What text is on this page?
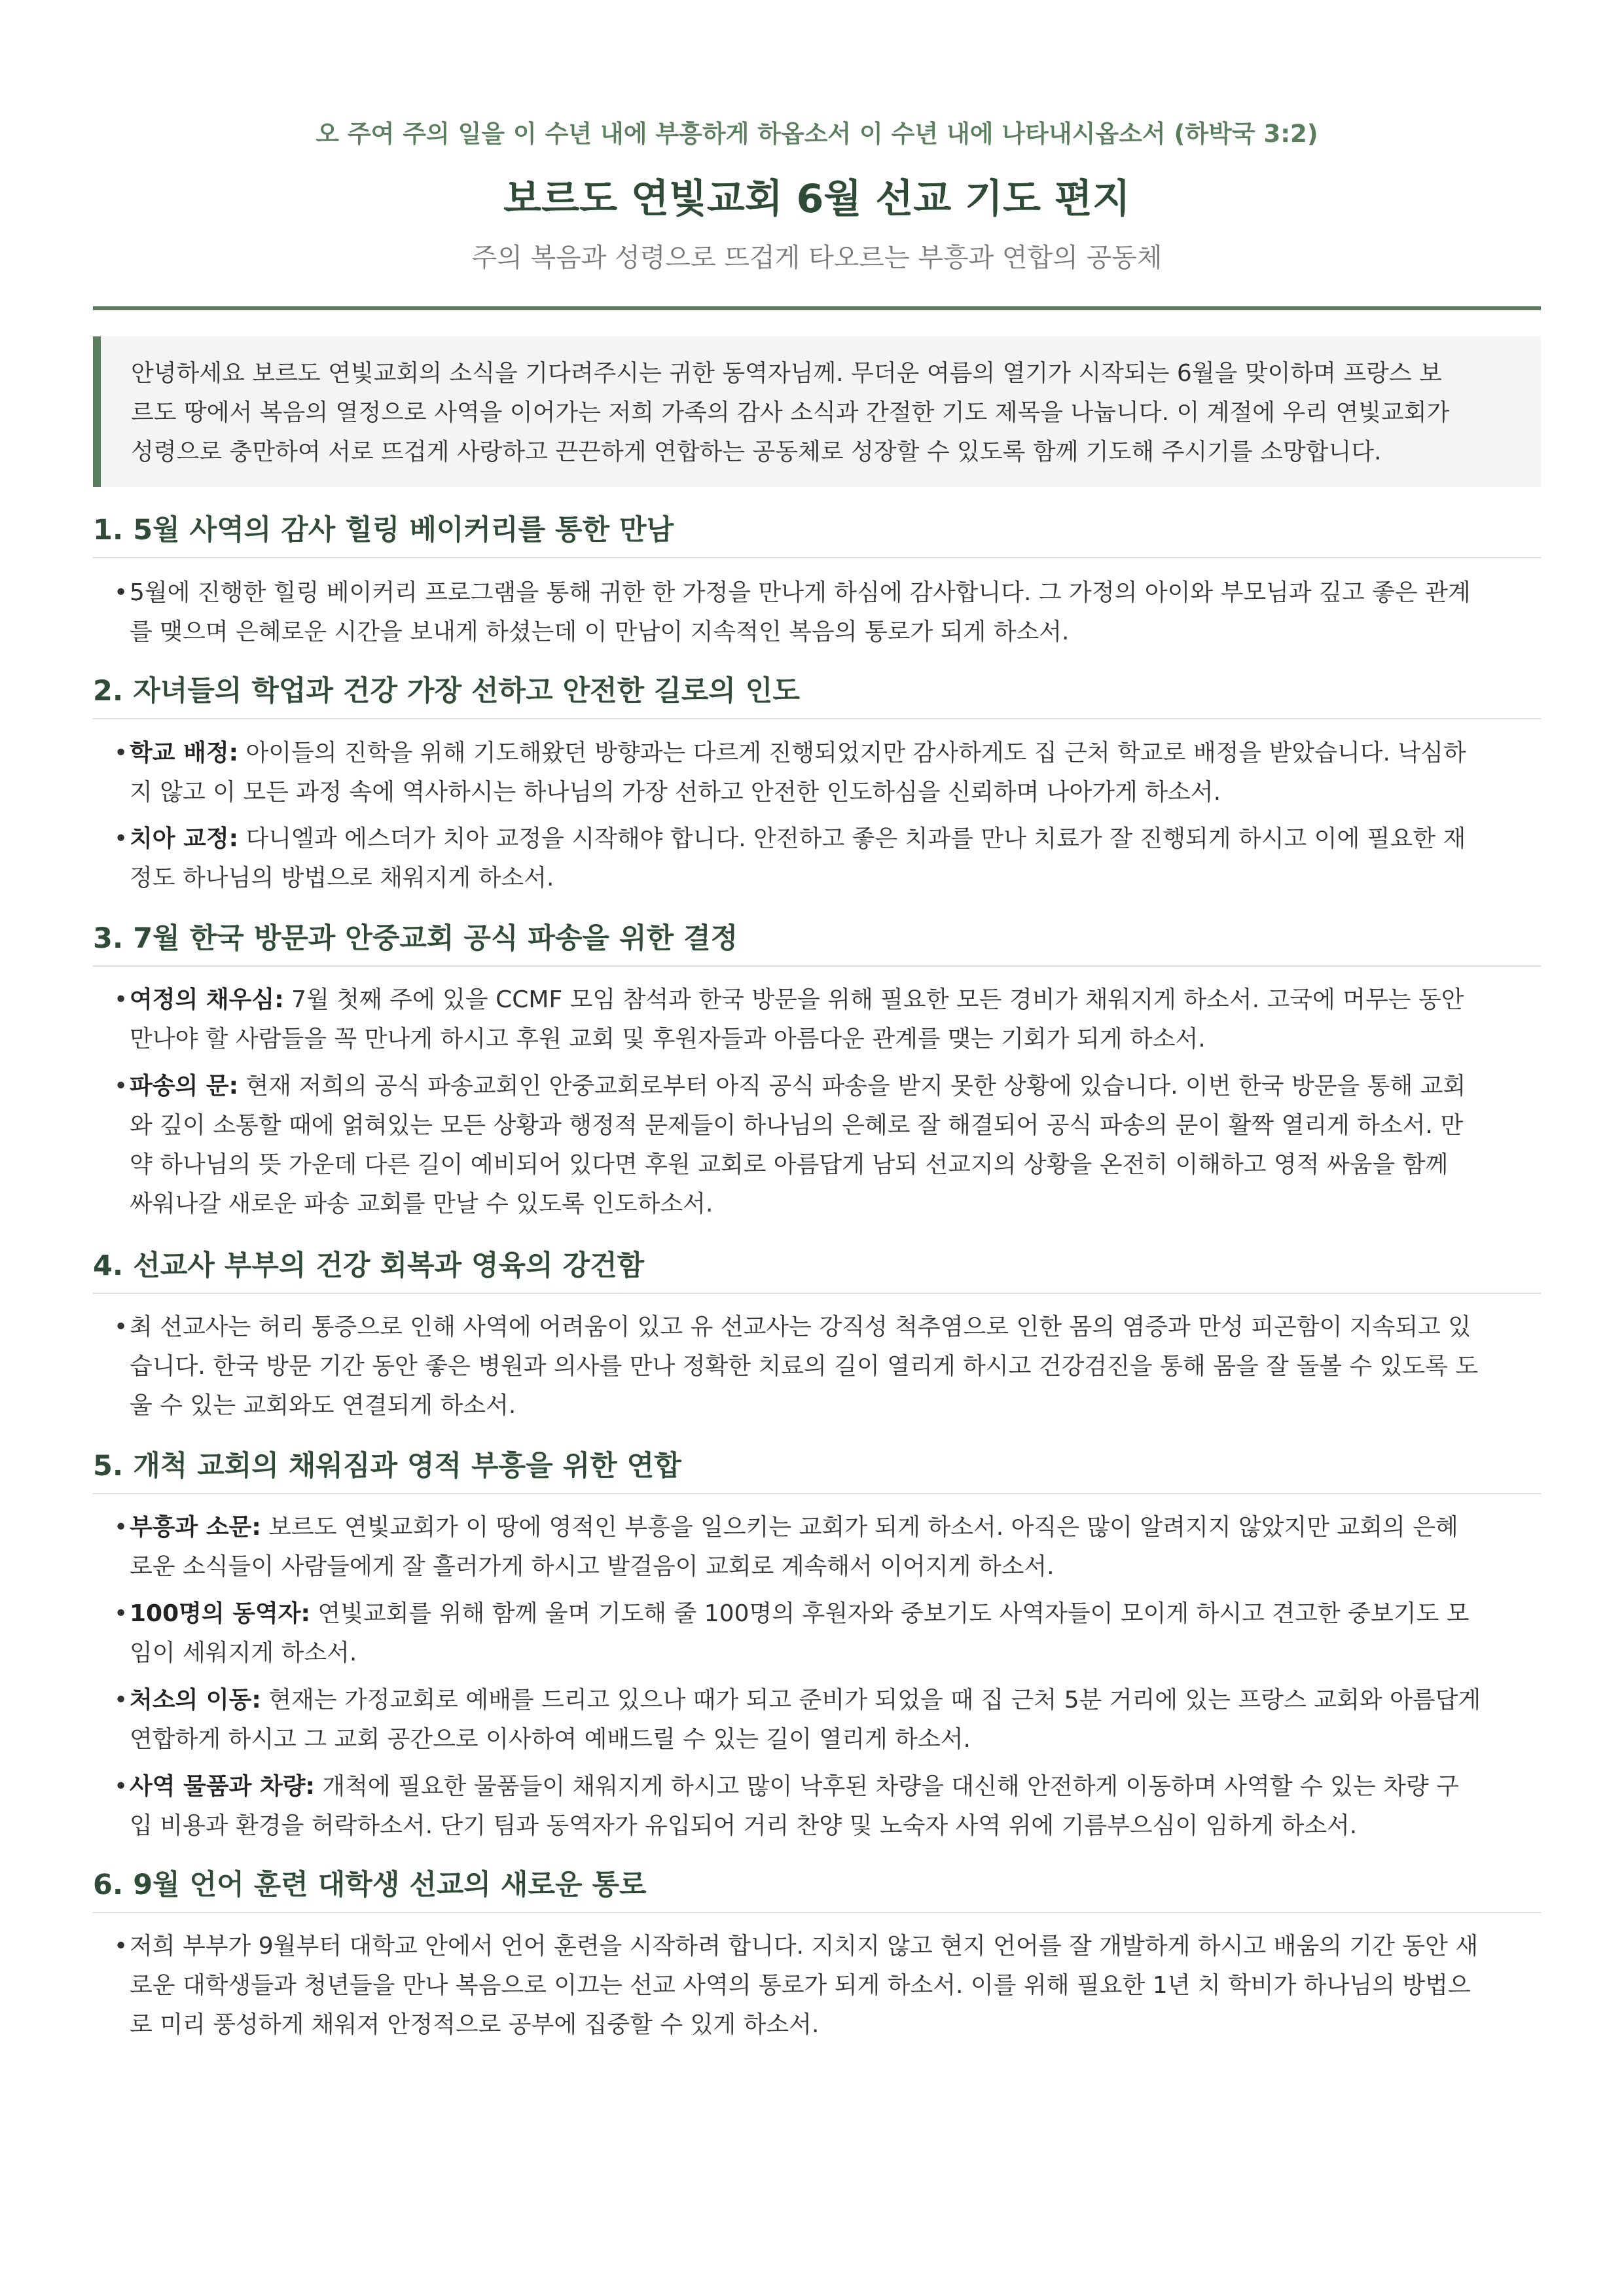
오 주여 주의 일을 이 수년 내에 부흥하게 하옵소서 이 수년 내에 나타내시옵소서 (하박국 3:2)

보르도 연빛교회 6월 선교 기도 편지

주의 복음과 성령으로 뜨겁게 타오르는 부흥과 연합의 공동체

안녕하세요 보르도 연빛교회의 소식을 기다려주시는 귀한 동역자님께. 무더운 여름의 열기가 시작되는 6월을 맞이하며 프랑스 보
르도 땅에서 복음의 열정으로 사역을 이어가는 저희 가족의 감사 소식과 간절한 기도 제목을 나눕니다. 이 계절에 우리 연빛교회가
성령으로 충만하여 서로 뜨겁게 사랑하고 끈끈하게 연합하는 공동체로 성장할 수 있도록 함께 기도해 주시기를 소망합니다.
1. 5월 사역의 감사 힐링 베이커리를 통한 만남
• 5월에 진행한 힐링 베이커리 프로그램을 통해 귀한 한 가정을 만나게 하심에 감사합니다. 그 가정의 아이와 부모님과 깊고 좋은 관계
를 맺으며 은혜로운 시간을 보내게 하셨는데 이 만남이 지속적인 복음의 통로가 되게 하소서.
2. 자녀들의 학업과 건강 가장 선하고 안전한 길로의 인도
• 학교 배정: 아이들의 진학을 위해 기도해왔던 방향과는 다르게 진행되었지만 감사하게도 집 근처 학교로 배정을 받았습니다. 낙심하
지 않고 이 모든 과정 속에 역사하시는 하나님의 가장 선하고 안전한 인도하심을 신뢰하며 나아가게 하소서.
• 치아 교정: 다니엘과 에스더가 치아 교정을 시작해야 합니다. 안전하고 좋은 치과를 만나 치료가 잘 진행되게 하시고 이에 필요한 재
정도 하나님의 방법으로 채워지게 하소서.
3. 7월 한국 방문과 안중교회 공식 파송을 위한 결정
• 여정의 채우심: 7월 첫째 주에 있을 CCMF 모임 참석과 한국 방문을 위해 필요한 모든 경비가 채워지게 하소서. 고국에 머무는 동안
만나야 할 사람들을 꼭 만나게 하시고 후원 교회 및 후원자들과 아름다운 관계를 맺는 기회가 되게 하소서.
• 파송의 문: 현재 저희의 공식 파송교회인 안중교회로부터 아직 공식 파송을 받지 못한 상황에 있습니다. 이번 한국 방문을 통해 교회
와 깊이 소통할 때에 얽혀있는 모든 상황과 행정적 문제들이 하나님의 은혜로 잘 해결되어 공식 파송의 문이 활짝 열리게 하소서. 만
약 하나님의 뜻 가운데 다른 길이 예비되어 있다면 후원 교회로 아름답게 남되 선교지의 상황을 온전히 이해하고 영적 싸움을 함께
싸워나갈 새로운 파송 교회를 만날 수 있도록 인도하소서.
4. 선교사 부부의 건강 회복과 영육의 강건함
• 최 선교사는 허리 통증으로 인해 사역에 어려움이 있고 유 선교사는 강직성 척추염으로 인한 몸의 염증과 만성 피곤함이 지속되고 있
습니다. 한국 방문 기간 동안 좋은 병원과 의사를 만나 정확한 치료의 길이 열리게 하시고 건강검진을 통해 몸을 잘 돌볼 수 있도록 도
울 수 있는 교회와도 연결되게 하소서.
5. 개척 교회의 채워짐과 영적 부흥을 위한 연합
• 부흥과 소문: 보르도 연빛교회가 이 땅에 영적인 부흥을 일으키는 교회가 되게 하소서. 아직은 많이 알려지지 않았지만 교회의 은혜
로운 소식들이 사람들에게 잘 흘러가게 하시고 발걸음이 교회로 계속해서 이어지게 하소서.
• 100명의 동역자: 연빛교회를 위해 함께 울며 기도해 줄 100명의 후원자와 중보기도 사역자들이 모이게 하시고 견고한 중보기도 모
임이 세워지게 하소서.
• 처소의 이동: 현재는 가정교회로 예배를 드리고 있으나 때가 되고 준비가 되었을 때 집 근처 5분 거리에 있는 프랑스 교회와 아름답게
연합하게 하시고 그 교회 공간으로 이사하여 예배드릴 수 있는 길이 열리게 하소서.
• 사역 물품과 차량: 개척에 필요한 물품들이 채워지게 하시고 많이 낙후된 차량을 대신해 안전하게 이동하며 사역할 수 있는 차량 구
입 비용과 환경을 허락하소서. 단기 팀과 동역자가 유입되어 거리 찬양 및 노숙자 사역 위에 기름부으심이 임하게 하소서.
6. 9월 언어 훈련 대학생 선교의 새로운 통로
• 저희 부부가 9월부터 대학교 안에서 언어 훈련을 시작하려 합니다. 지치지 않고 현지 언어를 잘 개발하게 하시고 배움의 기간 동안 새
로운 대학생들과 청년들을 만나 복음으로 이끄는 선교 사역의 통로가 되게 하소서. 이를 위해 필요한 1년 치 학비가 하나님의 방법으
로 미리 풍성하게 채워져 안정적으로 공부에 집중할 수 있게 하소서.
